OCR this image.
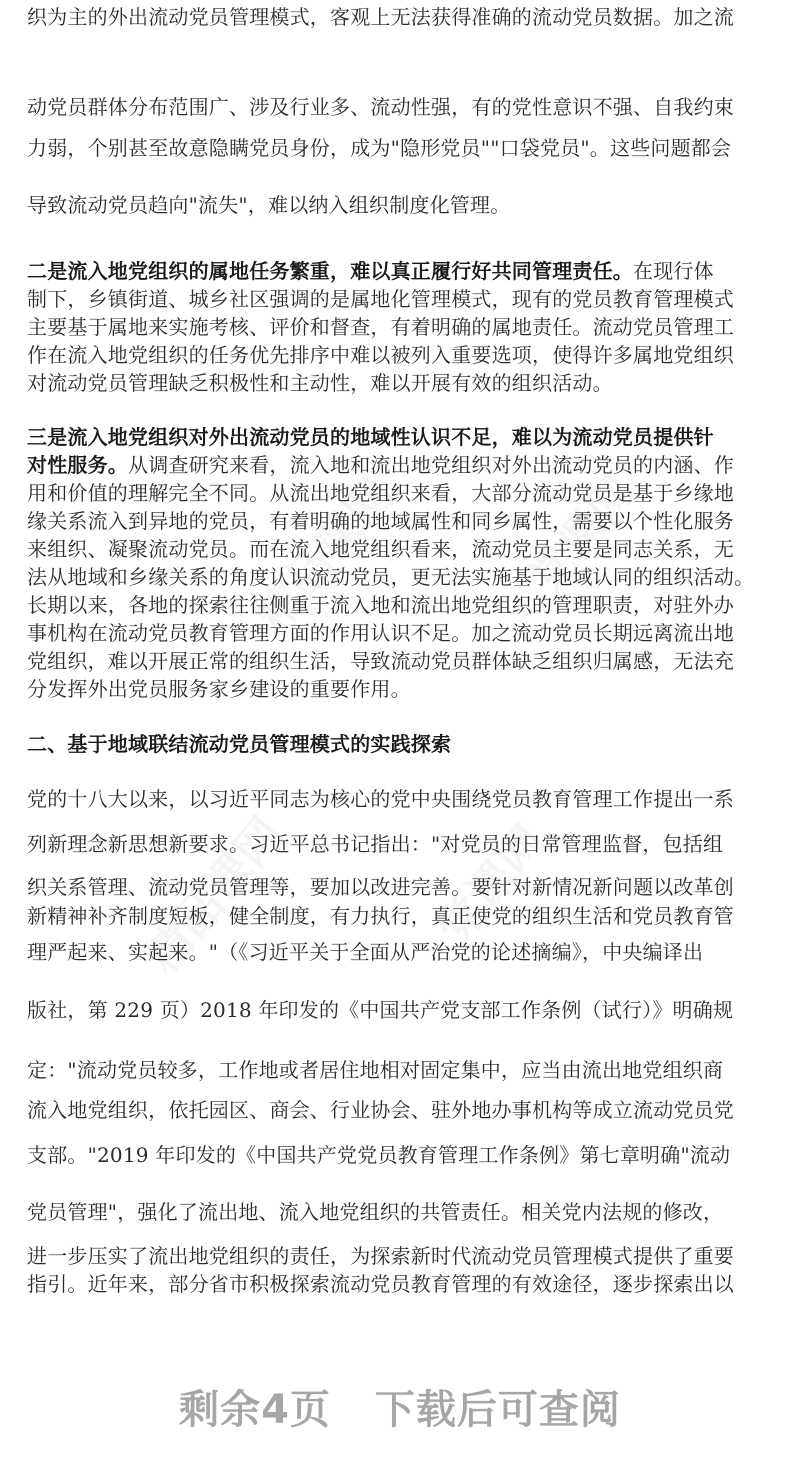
织为主的外出流动党员管理模式，客观上无法获得准确的流动党员数据。加之流
动党员群体分布范围广、涉及行业多、流动性强，有的党性意识不强、自我约束
力弱，个别甚至故意隐瞒党员身份，成为"隐形党员""口袋党员"。这些问题都会
导致流动党员趋向"流失"，难以纳入组织制度化管理。
二是流入地党组织的属地任务繁重，难以真正履行好共同管理责任。在现行体
制下，乡镇街道、城乡社区强调的是属地化管理模式，现有的党员教育管理模式
主要基于属地来实施考核、评价和督查，有着明确的属地责任。流动党员管理工
作在流入地党组织的任务优先排序中难以被列入重要选项，使得许多属地党组织
对流动党员管理缺乏积极性和主动性，难以开展有效的组织活动。
三是流入地党组织对外出流动党员的地域性认识不足，难以为流动党员提供针
对性服务。从调查研究来看，流入地和流出地党组织对外出流动党员的内涵、作
用和价值的理解完全不同。从流出地党组织来看，大部分流动党员是基于乡缘地
缘关系流入到异地的党员，有着明确的地域属性和同乡属性，需要以个性化服务
来组织、凝聚流动党员。而在流入地党组织看来，流动党员主要是同志关系，无
法从地域和乡缘关系的角度认识流动党员，更无法实施基于地域认同的组织活动。
长期以来，各地的探索往往侧重于流入地和流出地党组织的管理职责，对驻外办
事机构在流动党员教育管理方面的作用认识不足。加之流动党员长期远离流出地
党组织，难以开展正常的组织生活，导致流动党员群体缺乏组织归属感，无法充
分发挥外出党员服务家乡建设的重要作用。
二、基于地域联结流动党员管理模式的实践探索
党的十八大以来，以习近平同志为核心的党中央围绕党员教育管理工作提出一系
列新理念新思想新要求。习近平总书记指出："对党员的日常管理监督，包括组
织关系管理、流动党员管理等，要加以改进完善。要针对新情况新问题以改革创
新精神补齐制度短板，健全制度，有力执行，真正使党的组织生活和党员教育管
理严起来、实起来。"（《习近平关于全面从严治党的论述摘编》，中央编译出
版社，第 229 页）2018 年印发的《中国共产党支部工作条例（试行）》明确规
定："流动党员较多，工作地或者居住地相对固定集中，应当由流出地党组织商
流入地党组织，依托园区、商会、行业协会、驻外地办事机构等成立流动党员党
支部。"2019 年印发的《中国共产党党员教育管理工作条例》第七章明确"流动
党员管理"，强化了流出地、流入地党组织的共管责任。相关党内法规的修改，
进一步压实了流出地党组织的责任，为探索新时代流动党员管理模式提供了重要
指引。近年来，部分省市积极探索流动党员教育管理的有效途径，逐步探索出以
剩余4页 下载后可查阅
